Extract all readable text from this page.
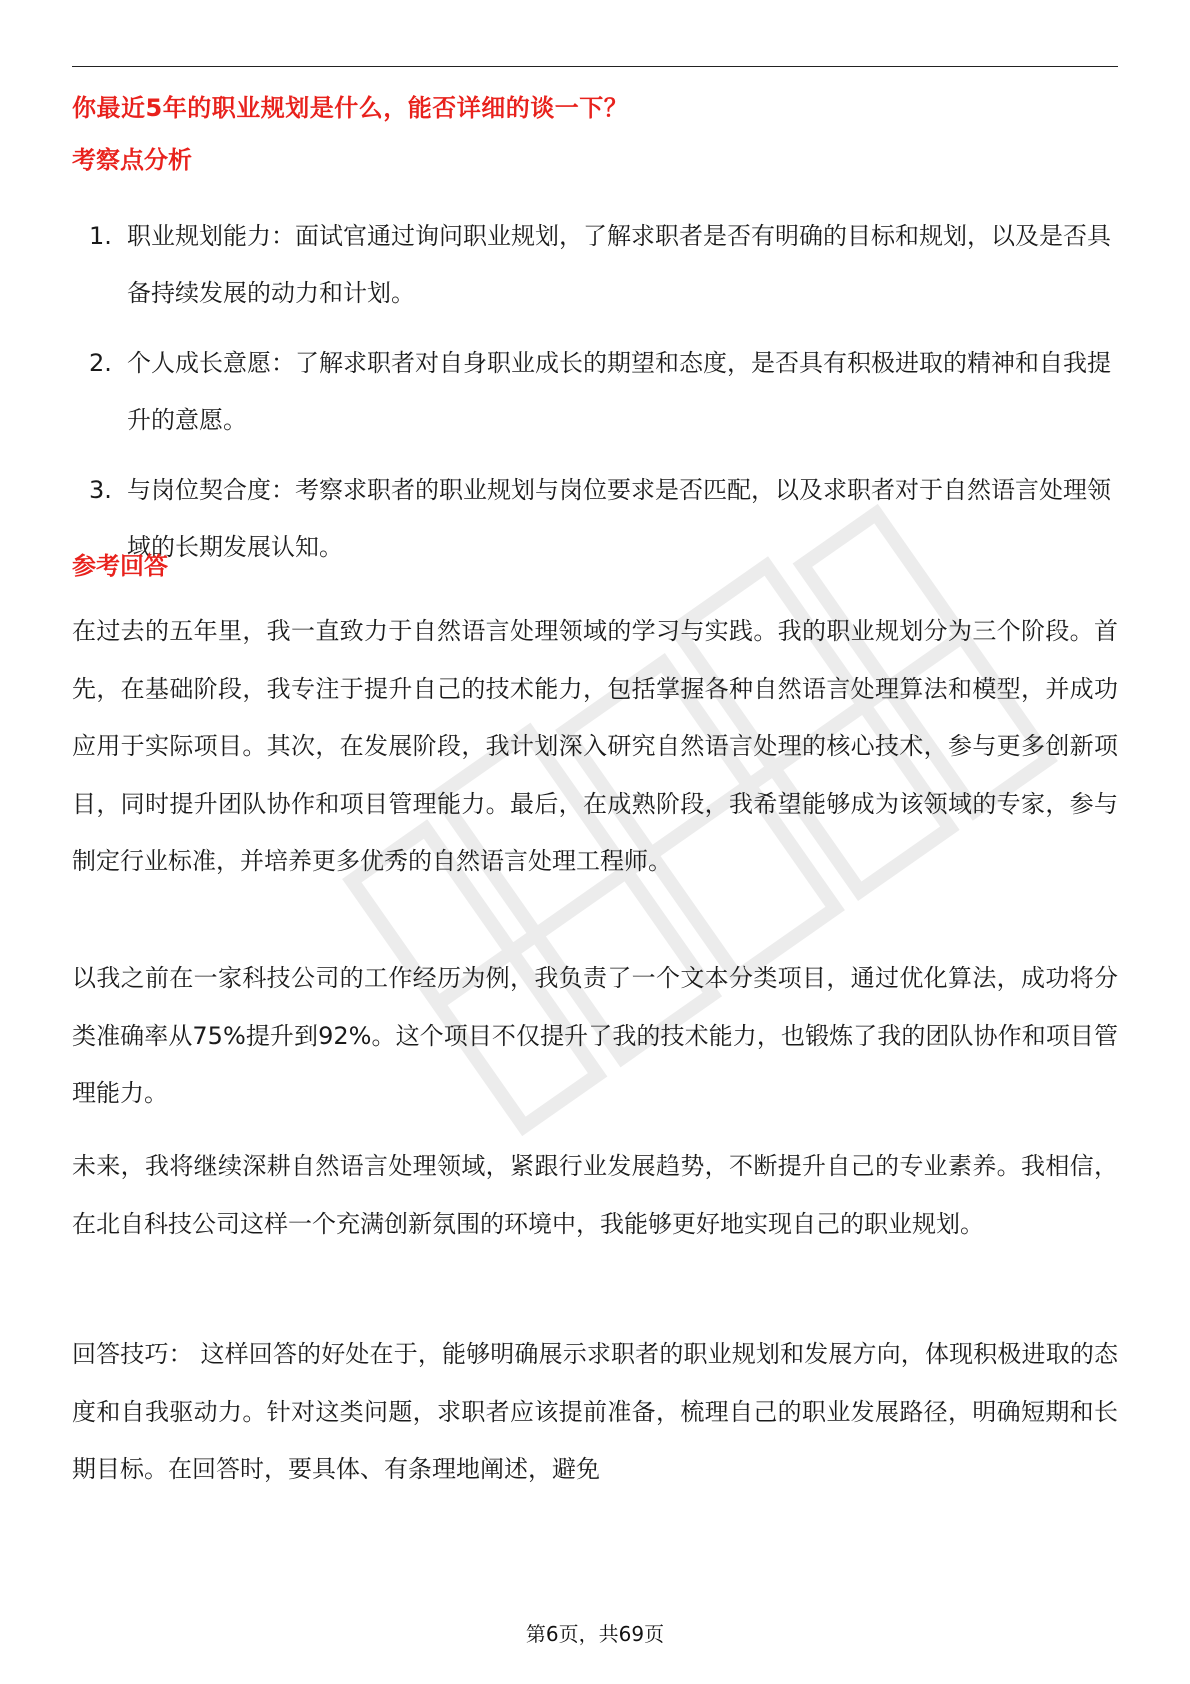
你最近5年的职业规划是什么，能否详细的谈一下？
考察点分析
1. 职业规划能力：面试官通过询问职业规划，了解求职者是否有明确的目标和规划，以及是否具备持续发展的动力和计划。
2. 个人成长意愿：了解求职者对自身职业成长的期望和态度，是否具有积极进取的精神和自我提升的意愿。
3. 与岗位契合度：考察求职者的职业规划与岗位要求是否匹配，以及求职者对于自然语言处理领域的长期发展认知。
参考回答

在过去的五年里，我一直致力于自然语言处理领域的学习与实践。我的职业规划分为三个阶段。首先，在基础阶段，我专注于提升自己的技术能力，包括掌握各种自然语言处理算法和模型，并成功应用于实际项目。其次，在发展阶段，我计划深入研究自然语言处理的核心技术，参与更多创新项目，同时提升团队协作和项目管理能力。最后，在成熟阶段，我希望能够成为该领域的专家，参与制定行业标准，并培养更多优秀的自然语言处理工程师。

以我之前在一家科技公司的工作经历为例，我负责了一个文本分类项目，通过优化算法，成功将分类准确率从75%提升到92%。这个项目不仅提升了我的技术能力，也锻炼了我的团队协作和项目管理能力。

未来，我将继续深耕自然语言处理领域，紧跟行业发展趋势，不断提升自己的专业素养。我相信，在北自科技公司这样一个充满创新氛围的环境中，我能够更好地实现自己的职业规划。

回答技巧： 这样回答的好处在于，能够明确展示求职者的职业规划和发展方向，体现积极进取的态度和自我驱动力。针对这类问题，求职者应该提前准备，梳理自己的职业发展路径，明确短期和长期目标。在回答时，要具体、有条理地阐述，避免

第6页，共69页
